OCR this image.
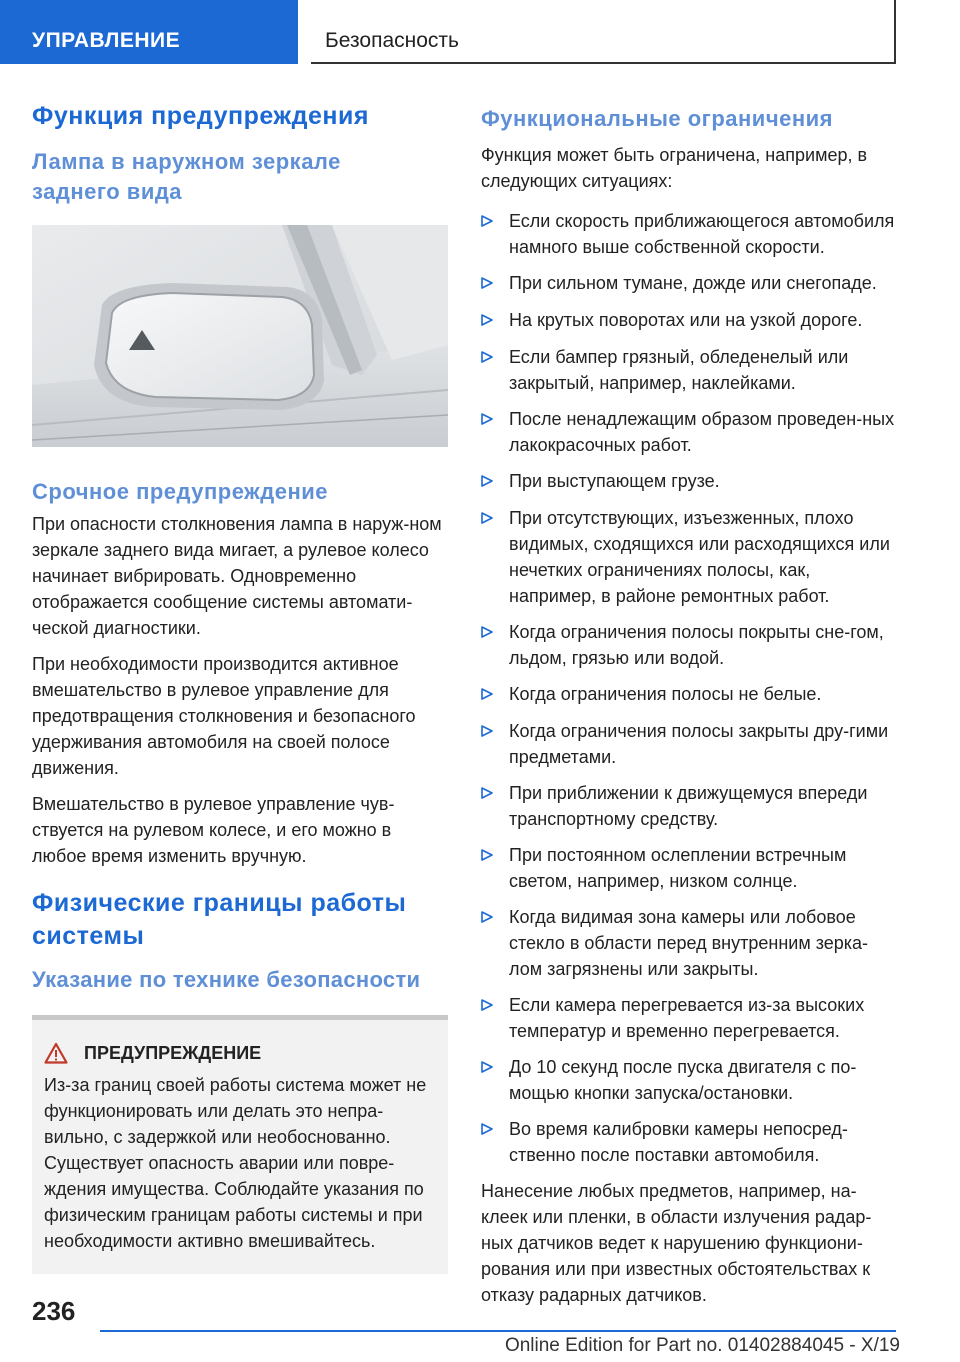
УПРАВЛЕНИЕ	Безопасность
Функция предупреждения
Лампа в наружном зеркале заднего вида
Срочное предупреждение

При опасности столкновения лампа в наруж-ном зеркале заднего вида мигает, а рулевое колесо начинает вибрировать. Одновременно отображается сообщение системы автомати-ческой диагностики.

При необходимости производится активное вмешательство в рулевое управление для предотвращения столкновения и безопасного удерживания автомобиля на своей полосе движения.

Вмешательство в рулевое управление чув-ствуется на рулевом колесе, и его можно в любое время изменить вручную.

Физические границы работы системы
Указание по технике безопасности
ПРЕДУПРЕЖДЕНИЕ

Из-за границ своей работы система может не функционировать или делать это непра-вильно, с задержкой или необоснованно. Существует опасность аварии или повре-ждения имущества. Соблюдайте указания по физическим границам работы системы и при необходимости активно вмешивайтесь.

Функциональные ограничения

Функция может быть ограничена, например, в следующих ситуациях:

Если скорость приближающегося автомобиля намного выше собственной скорости.
При сильном тумане, дожде или снегопаде.
На крутых поворотах или на узкой дороге.
Если бампер грязный, обледенелый или закрытый, например, наклейками.
После ненадлежащим образом проведен-ных лакокрасочных работ.
При выступающем грузе.
При отсутствующих, изъезженных, плохо видимых, сходящихся или расходящихся или нечетких ограничениях полосы, как, например, в районе ремонтных работ.
Когда ограничения полосы покрыты сне-гом, льдом, грязью или водой.
Когда ограничения полосы не белые.
Когда ограничения полосы закрыты дру-гими предметами.
При приближении к движущемуся впереди транспортному средству.
При постоянном ослеплении встречным светом, например, низком солнце.
Когда видимая зона камеры или лобовое стекло в области перед внутренним зерка-лом загрязнены или закрыты.
Если камера перегревается из-за высоких температур и временно перегревается.
До 10 секунд после пуска двигателя с по-мощью кнопки запуска/остановки.
Во время калибровки камеры непосред-ственно после поставки автомобиля.

Нанесение любых предметов, например, на-клеек или пленки, в области излучения радар-ных датчиков ведет к нарушению функциони-рования или при известных обстоятельствах к отказу радарных датчиков.

236
Online Edition for Part no. 01402884045 - X/19
